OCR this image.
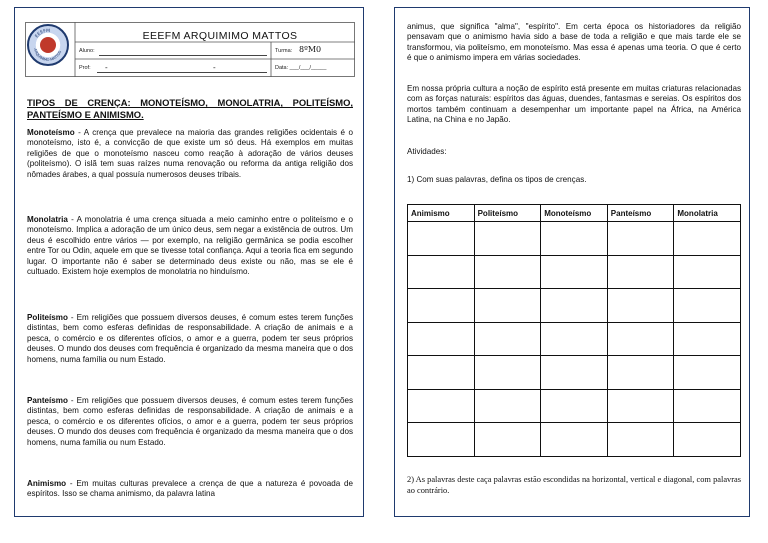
EEEFM
ARQUIMIMO MATTOS
EEEFM ARQUIMIMO MATTOS
Aluno:	Turma: 8ºM0
Prof: -	-	Data: ___/___/_____
TIPOS DE CRENÇA: MONOTEÍSMO, MONOLATRIA, POLITEÍSMO, PANTEÍSMO E ANIMISMO.
Monoteísmo - A crença que prevalece na maioria das grandes religiões ocidentais é o monoteísmo, isto é, a convicção de que existe um só deus. Há exemplos em muitas religiões de que o monoteísmo nasceu como reação à adoração de vários deuses (politeísmo). O islã tem suas raízes numa renovação ou reforma da antiga religião dos nômades árabes, a qual possuía numerosos deuses tribais.
Monolatria - A monolatria é uma crença situada a meio caminho entre o politeísmo e o monoteísmo. Implica a adoração de um único deus, sem negar a existência de outros. Um deus é escolhido entre vários — por exemplo, na religião germânica se podia escolher entre Tor ou Odin, aquele em que se tivesse total confiança. Aqui a teoria fica em segundo lugar. O importante não é saber se determinado deus existe ou não, mas se ele é cultuado. Existem hoje exemplos de monolatria no hinduísmo.
Politeísmo - Em religiões que possuem diversos deuses, é comum estes terem funções distintas, bem como esferas definidas de responsabilidade. A criação de animais e a pesca, o comércio e os diferentes ofícios, o amor e a guerra, podem ter seus próprios deuses. O mundo dos deuses com frequência é organizado da mesma maneira que o dos homens, numa família ou num Estado.
Panteísmo - Em religiões que possuem diversos deuses, é comum estes terem funções distintas, bem como esferas definidas de responsabilidade. A criação de animais e a pesca, o comércio e os diferentes ofícios, o amor e a guerra, podem ter seus próprios deuses. O mundo dos deuses com frequência é organizado da mesma maneira que o dos homens, numa família ou num Estado.
Animismo - Em muitas culturas prevalece a crença de que a natureza é povoada de espíritos. Isso se chama animismo, da palavra latina
animus, que significa "alma", "espírito". Em certa época os historiadores da religião pensavam que o animismo havia sido a base de toda a religião e que mais tarde ele se transformou, via politeísmo, em monoteísmo. Mas essa é apenas uma teoria. O que é certo é que o animismo impera em várias sociedades.
Em nossa própria cultura a noção de espírito está presente em muitas criaturas relacionadas com as forças naturais: espíritos das águas, duendes, fantasmas e sereias. Os espíritos dos mortos também continuam a desempenhar um importante papel na África, na América Latina, na China e no Japão.
Atividades:
1) Com suas palavras, defina os tipos de crenças.
Animismo	Politeísmo	Monoteísmo	Panteísmo	Monolatria

2) As palavras deste caça palavras estão escondidas na horizontal, vertical e diagonal, com palavras ao contrário.
